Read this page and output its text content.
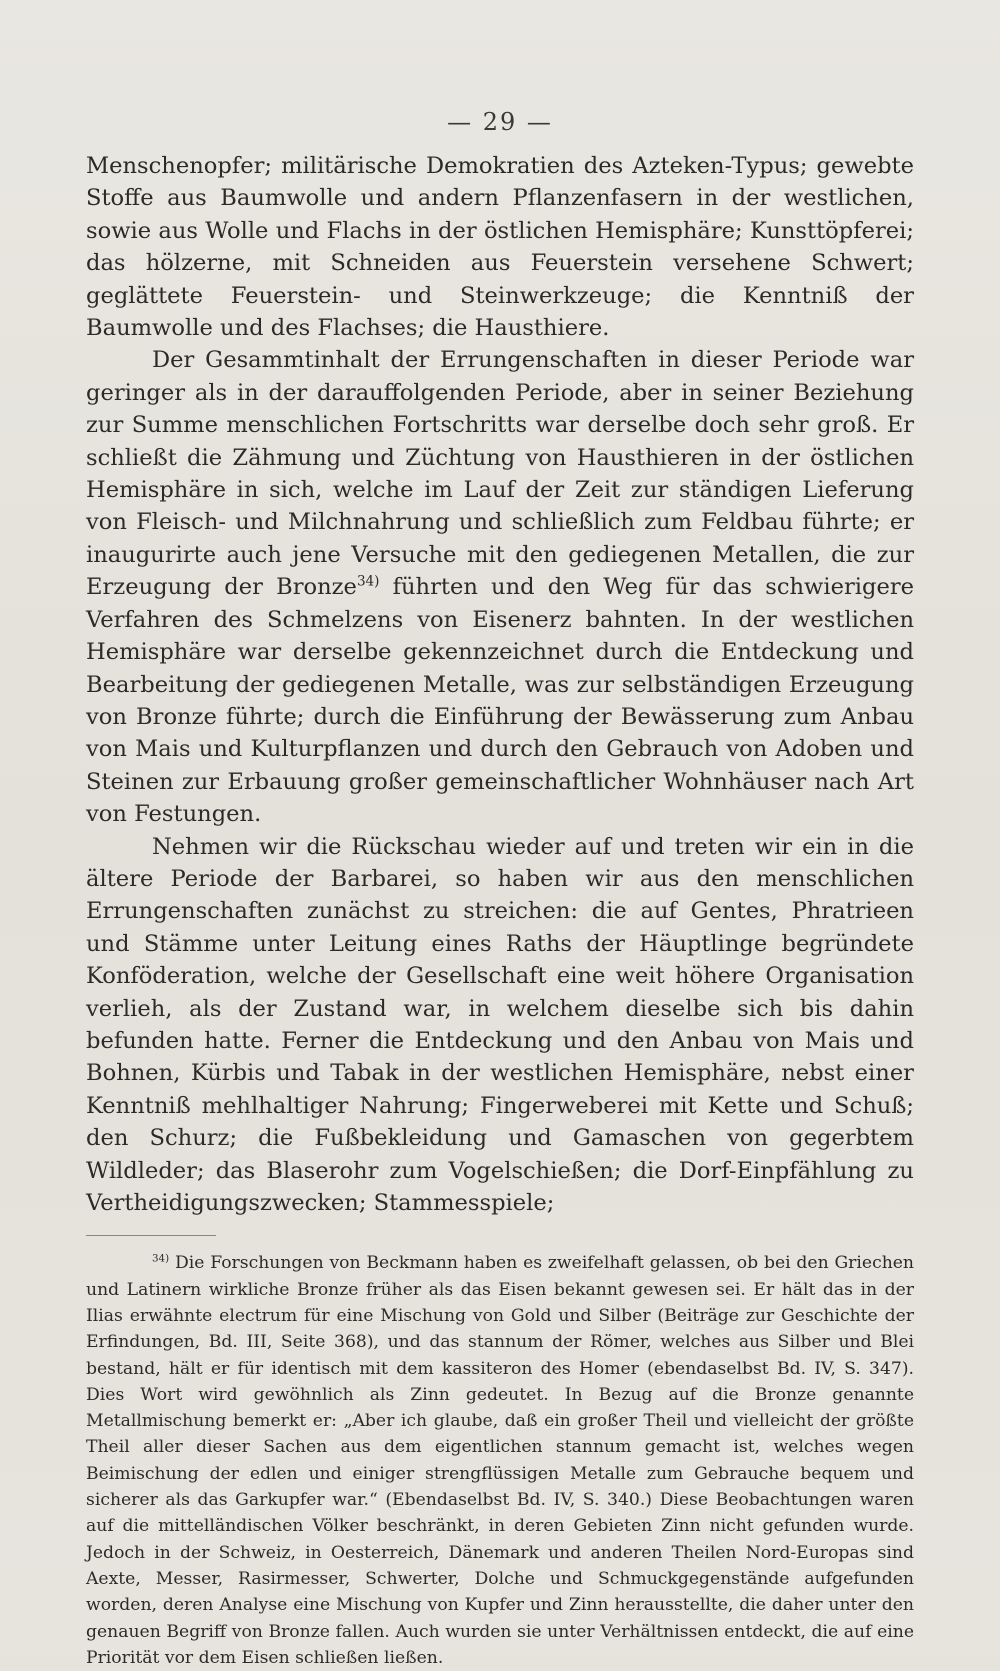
— 29 —

Menschenopfer; militärische Demokratien des Azteken-Typus; gewebte Stoffe aus Baumwolle und andern Pflanzenfasern in der westlichen, sowie aus Wolle und Flachs in der östlichen Hemisphäre; Kunsttöpferei; das hölzerne, mit Schneiden aus Feuerstein versehene Schwert; geglättete Feuerstein- und Steinwerkzeuge; die Kenntniß der Baumwolle und des Flachses; die Hausthiere.

Der Gesammtinhalt der Errungenschaften in dieser Periode war geringer als in der darauffolgenden Periode, aber in seiner Beziehung zur Summe menschlichen Fortschritts war derselbe doch sehr groß. Er schließt die Zähmung und Züchtung von Hausthieren in der östlichen Hemisphäre in sich, welche im Lauf der Zeit zur ständigen Lieferung von Fleisch- und Milchnahrung und schließlich zum Feldbau führte; er inaugurirte auch jene Versuche mit den gediegenen Metallen, die zur Erzeugung der Bronze$^{34)}$ führten und den Weg für das schwierigere Verfahren des Schmelzens von Eisenerz bahnten. In der westlichen Hemisphäre war derselbe gekennzeichnet durch die Entdeckung und Bearbeitung der gediegenen Metalle, was zur selbständigen Erzeugung von Bronze führte; durch die Einführung der Bewässerung zum Anbau von Mais und Kulturpflanzen und durch den Gebrauch von Adoben und Steinen zur Erbauung großer gemeinschaftlicher Wohnhäuser nach Art von Festungen.

Nehmen wir die Rückschau wieder auf und treten wir ein in die ältere Periode der Barbarei, so haben wir aus den menschlichen Errungenschaften zunächst zu streichen: die auf Gentes, Phratrieen und Stämme unter Leitung eines Raths der Häuptlinge begründete Konföderation, welche der Gesellschaft eine weit höhere Organisation verlieh, als der Zustand war, in welchem dieselbe sich bis dahin befunden hatte. Ferner die Entdeckung und den Anbau von Mais und Bohnen, Kürbis und Tabak in der westlichen Hemisphäre, nebst einer Kenntniß mehlhaltiger Nahrung; Fingerweberei mit Kette und Schuß; den Schurz; die Fußbekleidung und Gamaschen von gegerbtem Wildleder; das Blaserohr zum Vogelschießen; die Dorf-Einpfählung zu Vertheidigungszwecken; Stammesspiele;

$^{34)}$ Die Forschungen von Beckmann haben es zweifelhaft gelassen, ob bei den Griechen und Latinern wirkliche Bronze früher als das Eisen bekannt gewesen sei. Er hält das in der Ilias erwähnte electrum für eine Mischung von Gold und Silber (Beiträge zur Geschichte der Erfindungen, Bd. III, Seite 368), und das stannum der Römer, welches aus Silber und Blei bestand, hält er für identisch mit dem kassiteron des Homer (ebendaselbst Bd. IV, S. 347). Dies Wort wird gewöhnlich als Zinn gedeutet. In Bezug auf die Bronze genannte Metallmischung bemerkt er: „Aber ich glaube, daß ein großer Theil und vielleicht der größte Theil aller dieser Sachen aus dem eigentlichen stannum gemacht ist, welches wegen Beimischung der edlen und einiger strengflüssigen Metalle zum Gebrauche bequem und sicherer als das Garkupfer war.“ (Ebendaselbst Bd. IV, S. 340.) Diese Beobachtungen waren auf die mittelländischen Völker beschränkt, in deren Gebieten Zinn nicht gefunden wurde. Jedoch in der Schweiz, in Oesterreich, Dänemark und anderen Theilen Nord-Europas sind Aexte, Messer, Rasirmesser, Schwerter, Dolche und Schmuckgegenstände aufgefunden worden, deren Analyse eine Mischung von Kupfer und Zinn herausstellte, die daher unter den genauen Begriff von Bronze fallen. Auch wurden sie unter Verhältnissen entdeckt, die auf eine Priorität vor dem Eisen schließen ließen.
